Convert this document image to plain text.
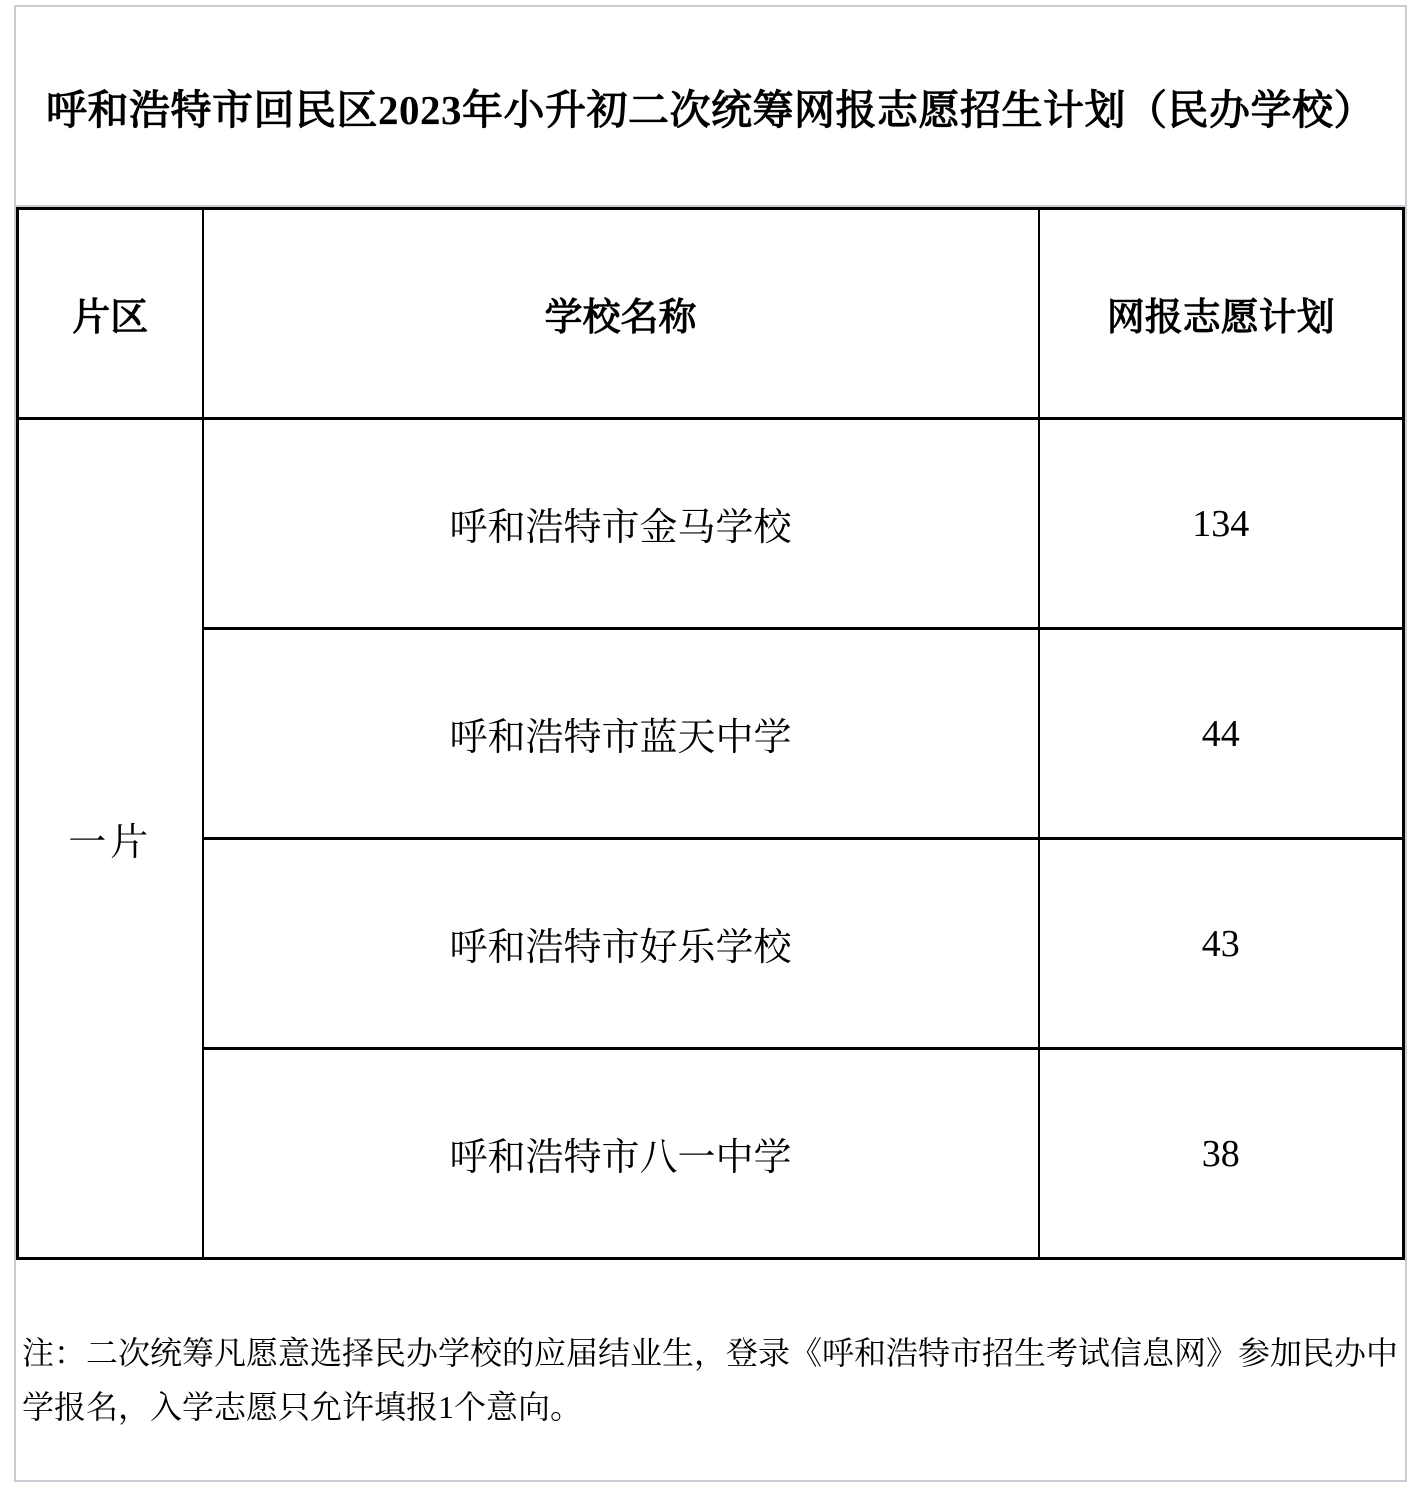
呼和浩特市回民区2023年小升初二次统筹网报志愿招生计划（民办学校）
片区	学校名称	网报志愿计划
一片	呼和浩特市金马学校	134
	呼和浩特市蓝天中学	44
	呼和浩特市好乐学校	43
	呼和浩特市八一中学	38
注：二次统筹凡愿意选择民办学校的应届结业生，登录《呼和浩特市招生考试信息网》参加民办中
学报名，入学志愿只允许填报1个意向。
